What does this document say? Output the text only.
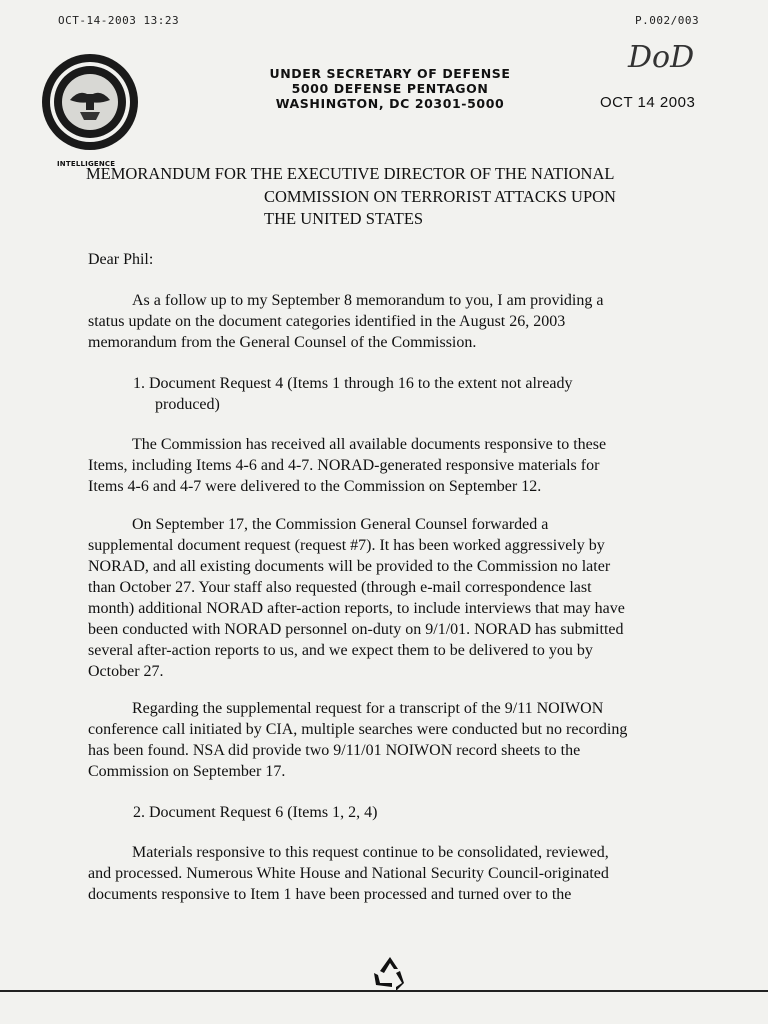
OCT-14-2003 13:23	P.002/003
UNDER SECRETARY OF DEFENSE
5000 DEFENSE PENTAGON
WASHINGTON, DC 20301-5000
DoD
OCT 14 2003
INTELLIGENCE
MEMORANDUM FOR THE EXECUTIVE DIRECTOR OF THE NATIONAL
COMMISSION ON TERRORIST ATTACKS UPON
THE UNITED STATES
Dear Phil:
As a follow up to my September 8 memorandum to you, I am providing a
status update on the document categories identified in the August 26, 2003
memorandum from the General Counsel of the Commission.
1. Document Request 4 (Items 1 through 16 to the extent not already
produced)
The Commission has received all available documents responsive to these
Items, including Items 4-6 and 4-7. NORAD-generated responsive materials for
Items 4-6 and 4-7 were delivered to the Commission on September 12.
On September 17, the Commission General Counsel forwarded a
supplemental document request (request #7). It has been worked aggressively by
NORAD, and all existing documents will be provided to the Commission no later
than October 27. Your staff also requested (through e-mail correspondence last
month) additional NORAD after-action reports, to include interviews that may have
been conducted with NORAD personnel on-duty on 9/1/01. NORAD has submitted
several after-action reports to us, and we expect them to be delivered to you by
October 27.
Regarding the supplemental request for a transcript of the 9/11 NOIWON
conference call initiated by CIA, multiple searches were conducted but no recording
has been found. NSA did provide two 9/11/01 NOIWON record sheets to the
Commission on September 17.
2. Document Request 6 (Items 1, 2, 4)
Materials responsive to this request continue to be consolidated, reviewed,
and processed. Numerous White House and National Security Council-originated
documents responsive to Item 1 have been processed and turned over to the
